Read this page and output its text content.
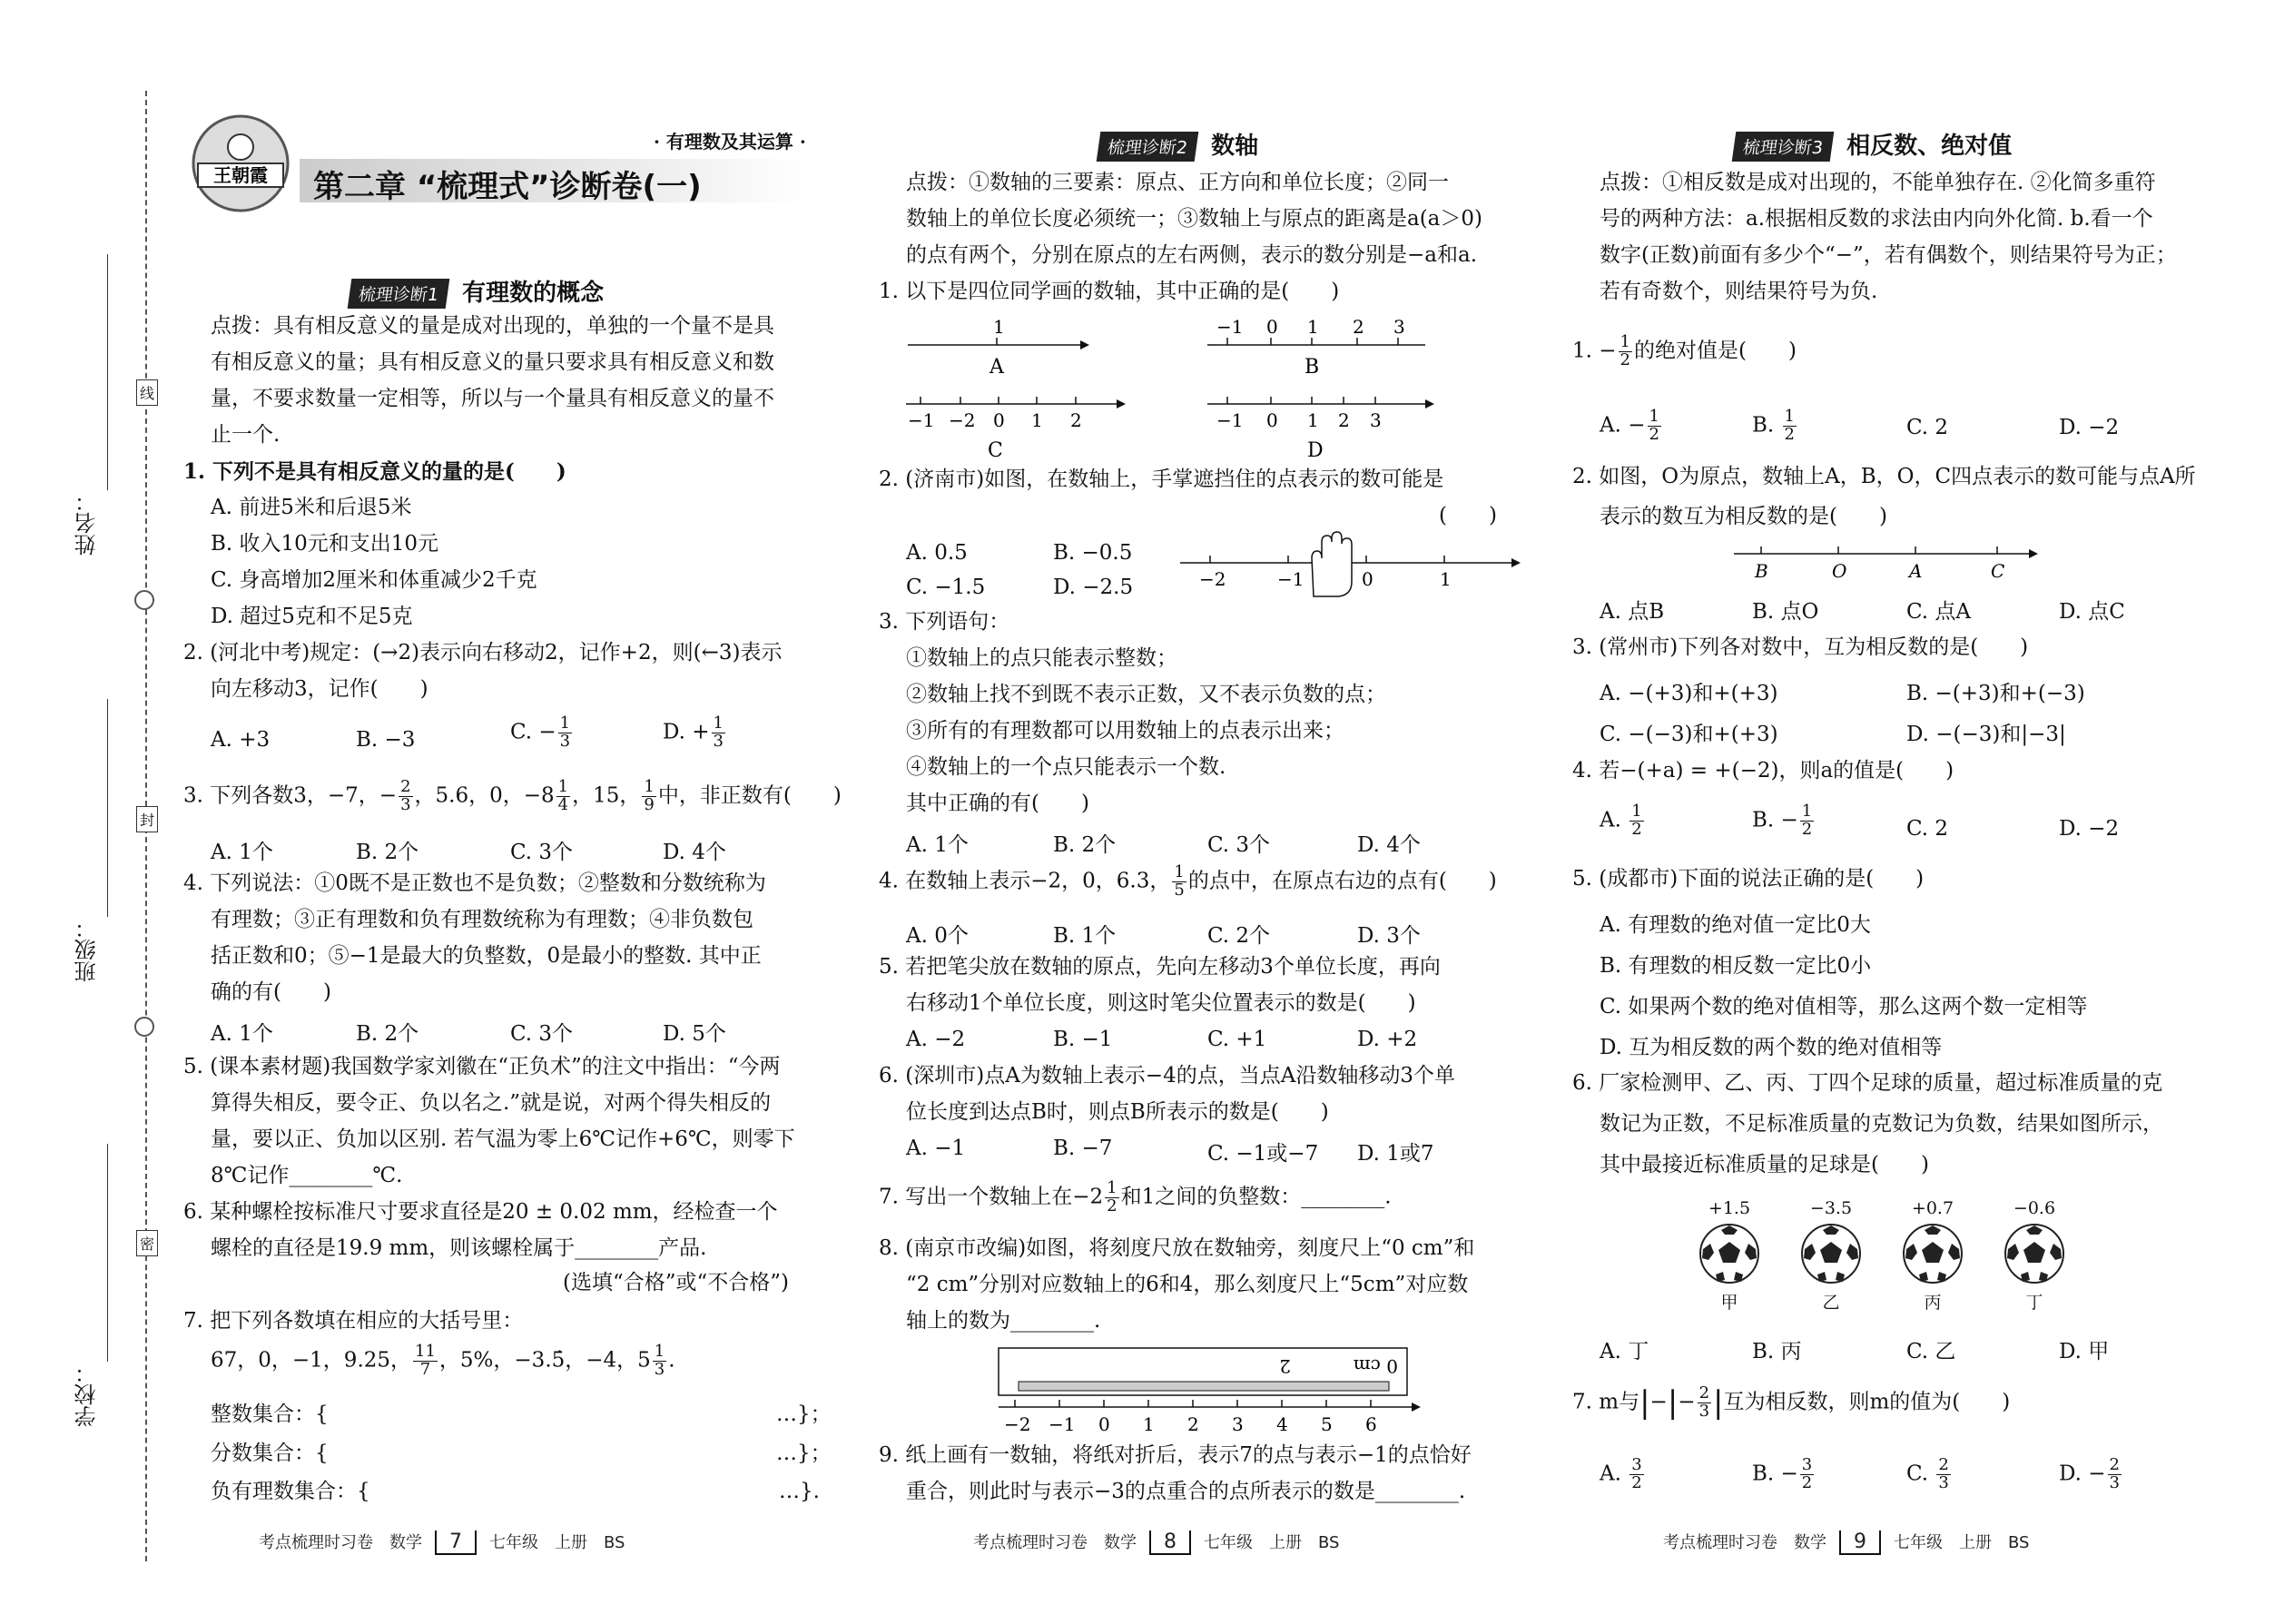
姓名：
班级：
学校：
线
封
密
王朝霞
· 有理数及其运算 ·
第二章 “梳理式”诊断卷(一)
梳理诊断1 有理数的概念
点拨：具有相反意义的量是成对出现的，单独的一个量不是具
有相反意义的量；具有相反意义的量只要求具有相反意义和数
量，不要求数量一定相等，所以与一个量具有相反意义的量不
止一个.
1. 下列不是具有相反意义的量的是(　　)
A. 前进5米和后退5米
B. 收入10元和支出10元
C. 身高增加2厘米和体重减少2千克
D. 超过5克和不足5克
2. (河北中考)规定：(→2)表示向右移动2，记作+2，则(←3)表示
向左移动3，记作(　　)
A. +3	B. −3	C. − $\frac{1}{3}$	D. + $\frac{1}{3}$
3. 下列各数3，−7，− $\frac{2}{3}$ ，5.6，0，$-8 \frac{1}{4}$ ，15， $\frac{1}{9}$ 中，非正数有(　　)
A. 1个	B. 2个	C. 3个	D. 4个
4. 下列说法：①0既不是正数也不是负数；②整数和分数统称为
有理数；③正有理数和负有理数统称为有理数；④非负数包
括正数和0；⑤−1是最大的负整数，0是最小的整数. 其中正
确的有(　　)
A. 1个	B. 2个	C. 3个	D. 5个
5. (课本素材题)我国数学家刘徽在“正负术”的注文中指出：“今两
算得失相反，要令正、负以名之.”就是说，对两个得失相反的
量，要以正、负加以区别. 若气温为零上6℃记作+6℃，则零下
8℃记作________℃.
6. 某种螺栓按标准尺寸要求直径是20 ± 0.02 mm，经检查一个
螺栓的直径是19.9 mm，则该螺栓属于________产品.
(选填“合格”或“不合格”)
7. 把下列各数填在相应的大括号里：
67，0，−1，9.25， $\frac{11}{7}$ ，5%，−3.5̇，−4，$5 \frac{1}{3}$ .
整数集合：{	…}；
分数集合：{	…}；
负有理数集合：{	…}.
考点梳理时习卷　数学 7 七年级　上册　BS
梳理诊断2 数轴
点拨：①数轴的三要素：原点、正方向和单位长度；②同一
数轴上的单位长度必须统一；③数轴上与原点的距离是a(a＞0)
的点有两个，分别在原点的左右两侧，表示的数分别是−a和a.
1. 以下是四位同学画的数轴，其中正确的是(　　)
1
A
−1 0 1 2 3
B
−1 −2 0 1 2
C
−1 0 1 2 3
D
2. (济南市)如图，在数轴上，手掌遮挡住的点表示的数可能是
(　　)
A. 0.5	B. −0.5
C. −1.5	D. −2.5	−2	−1	0	1
3. 下列语句：
①数轴上的点只能表示整数；
②数轴上找不到既不表示正数，又不表示负数的点；
③所有的有理数都可以用数轴上的点表示出来；
④数轴上的一个点只能表示一个数.
其中正确的有(　　)
A. 1个	B. 2个	C. 3个	D. 4个
4. 在数轴上表示−2，0，6.3， $\frac{1}{5}$ 的点中，在原点右边的点有(　　)
A. 0个	B. 1个	C. 2个	D. 3个
5. 若把笔尖放在数轴的原点，先向左移动3个单位长度，再向
右移动1个单位长度，则这时笔尖位置表示的数是(　　)
A. −2	B. −1	C. +1	D. +2
6. (深圳市)点A为数轴上表示−4的点，当点A沿数轴移动3个单
位长度到达点B时，则点B所表示的数是(　　)
A. −1	B. −7	C. −1或−7 D. 1或7
7. 写出一个数轴上在$-2 \frac{1}{2}$ 和1之间的负整数：________.
8. (南京市改编)如图，将刻度尺放在数轴旁，刻度尺上“0 cm”和
“2 cm”分别对应数轴上的6和4，那么刻度尺上“5cm”对应数
轴上的数为________.
0 cm
2
−2 −1 0 1 2 3 4 5 6
9. 纸上画有一数轴，将纸对折后，表示7的点与表示−1的点恰好
重合，则此时与表示−3的点重合的点所表示的数是________.
考点梳理时习卷　数学 8 七年级　上册　BS
梳理诊断3 相反数、绝对值
点拨：①相反数是成对出现的，不能单独存在. ②化简多重符
号的两种方法：a.根据相反数的求法由内向外化简. b.看一个
数字(正数)前面有多少个“−”，若有偶数个，则结果符号为正；
若有奇数个，则结果符号为负.
1. − $\frac{1}{2}$ 的绝对值是(　　)
A. − $\frac{1}{2}$	B. $\frac{1}{2}$	C. 2	D. −2
2. 如图，O为原点，数轴上A，B，O，C四点表示的数可能与点A所
表示的数互为相反数的是(　　)
B	O	A	C
A. 点B	B. 点O	C. 点A	D. 点C
3. (常州市)下列各对数中，互为相反数的是(　　)
A. −(+3)和+(+3)	B. −(+3)和+(−3)
C. −(−3)和+(+3)	D. −(−3)和|−3|
4. 若−(+a) = +(−2)，则a的值是(　　)
A. $\frac{1}{2}$	B. − $\frac{1}{2}$	C. 2	D. −2
5. (成都市)下面的说法正确的是(　　)
A. 有理数的绝对值一定比0大
B. 有理数的相反数一定比0小
C. 如果两个数的绝对值相等，那么这两个数一定相等
D. 互为相反数的两个数的绝对值相等
6. 厂家检测甲、乙、丙、丁四个足球的质量，超过标准质量的克
数记为正数，不足标准质量的克数记为负数，结果如图所示，
其中最接近标准质量的足球是(　　)
+1.5
甲
−3.5
乙
+0.7
丙
−0.6
丁
A. 丁	B. 丙	C. 乙	D. 甲
7. m与|−|− $\frac{2}{3}$ |互为相反数，则m的值为(　　)
A. $\frac{3}{2}$	B. − $\frac{3}{2}$	C. $\frac{2}{3}$	D. − $\frac{2}{3}$
考点梳理时习卷　数学 9 七年级　上册　BS
